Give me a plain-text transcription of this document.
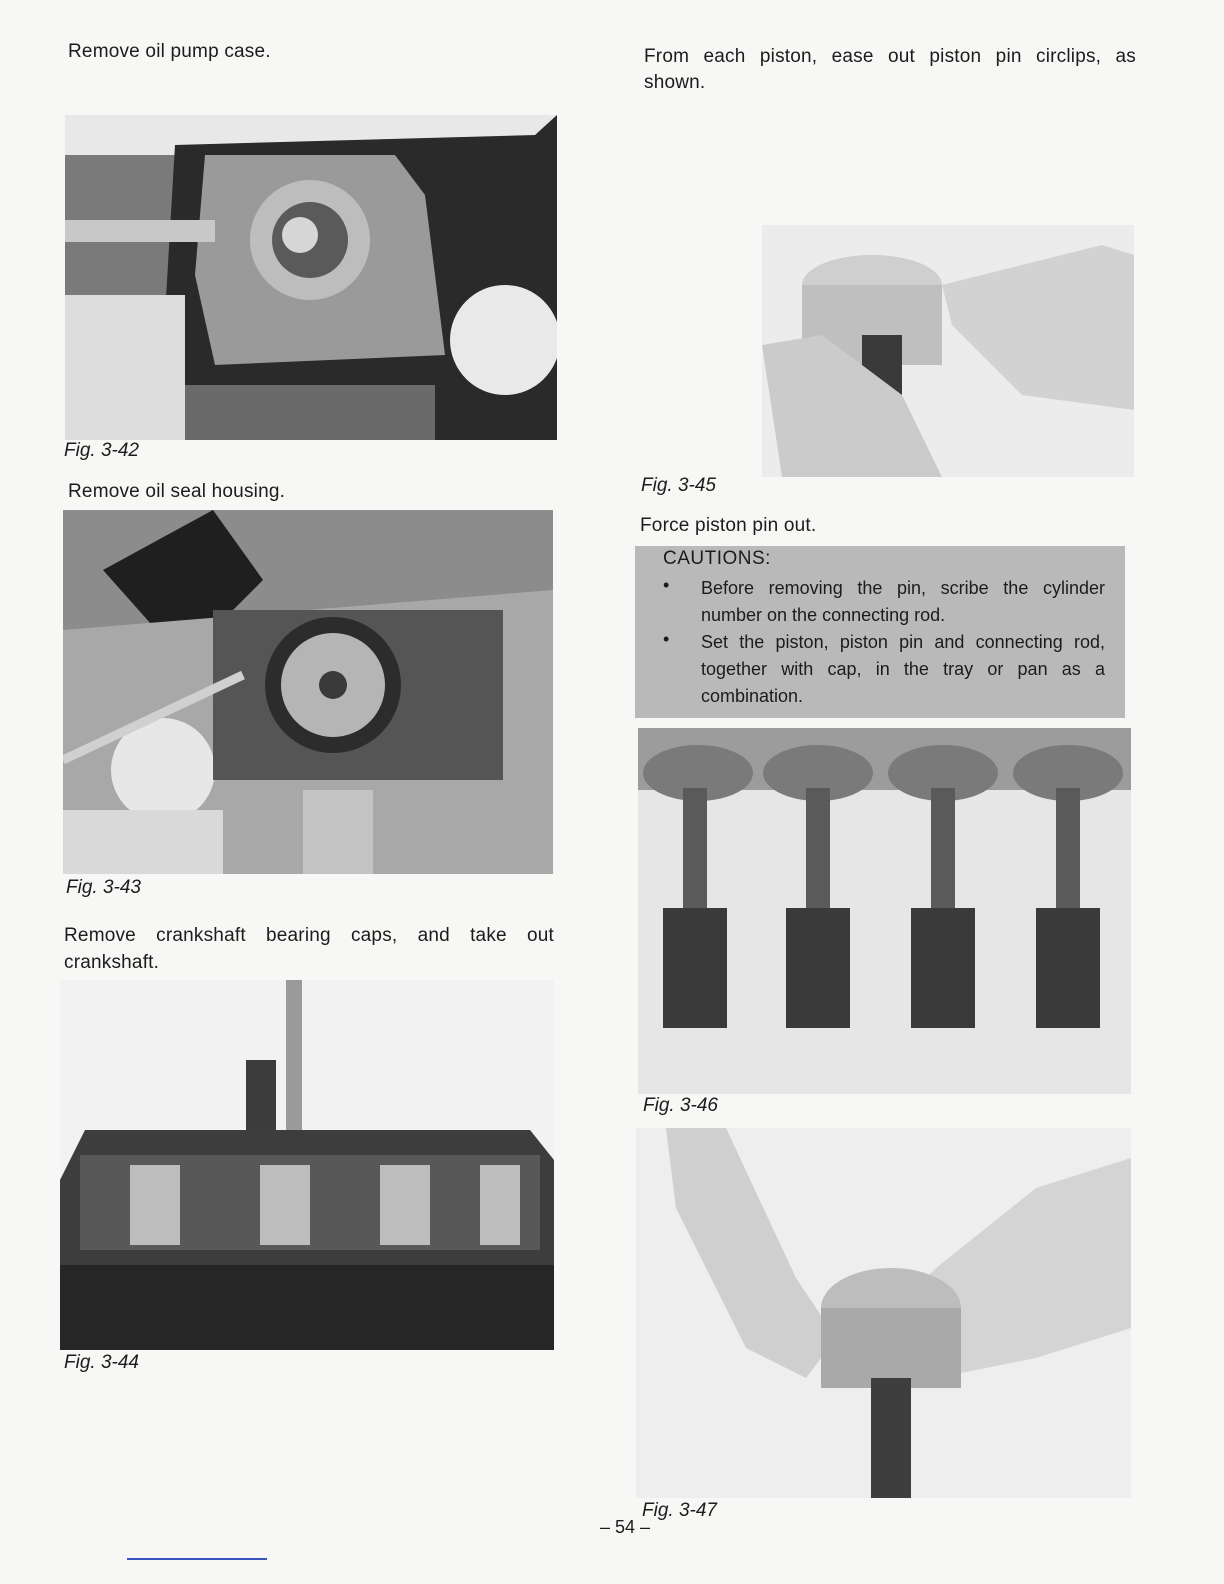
Remove oil pump case.
Fig. 3-42
Remove oil seal housing.
Fig. 3-43
Remove crankshaft bearing caps, and take out
crankshaft.
Fig. 3-44
From each piston, ease out piston pin circlips, as
shown.
Fig. 3-45
Force piston pin out.
CAUTIONS:
• Before removing the pin, scribe the cylinder number on the connecting rod.
• Set the piston, piston pin and connecting rod, together with cap, in the tray or pan as a combination.
Fig. 3-46
Fig. 3-47
– 54 –
